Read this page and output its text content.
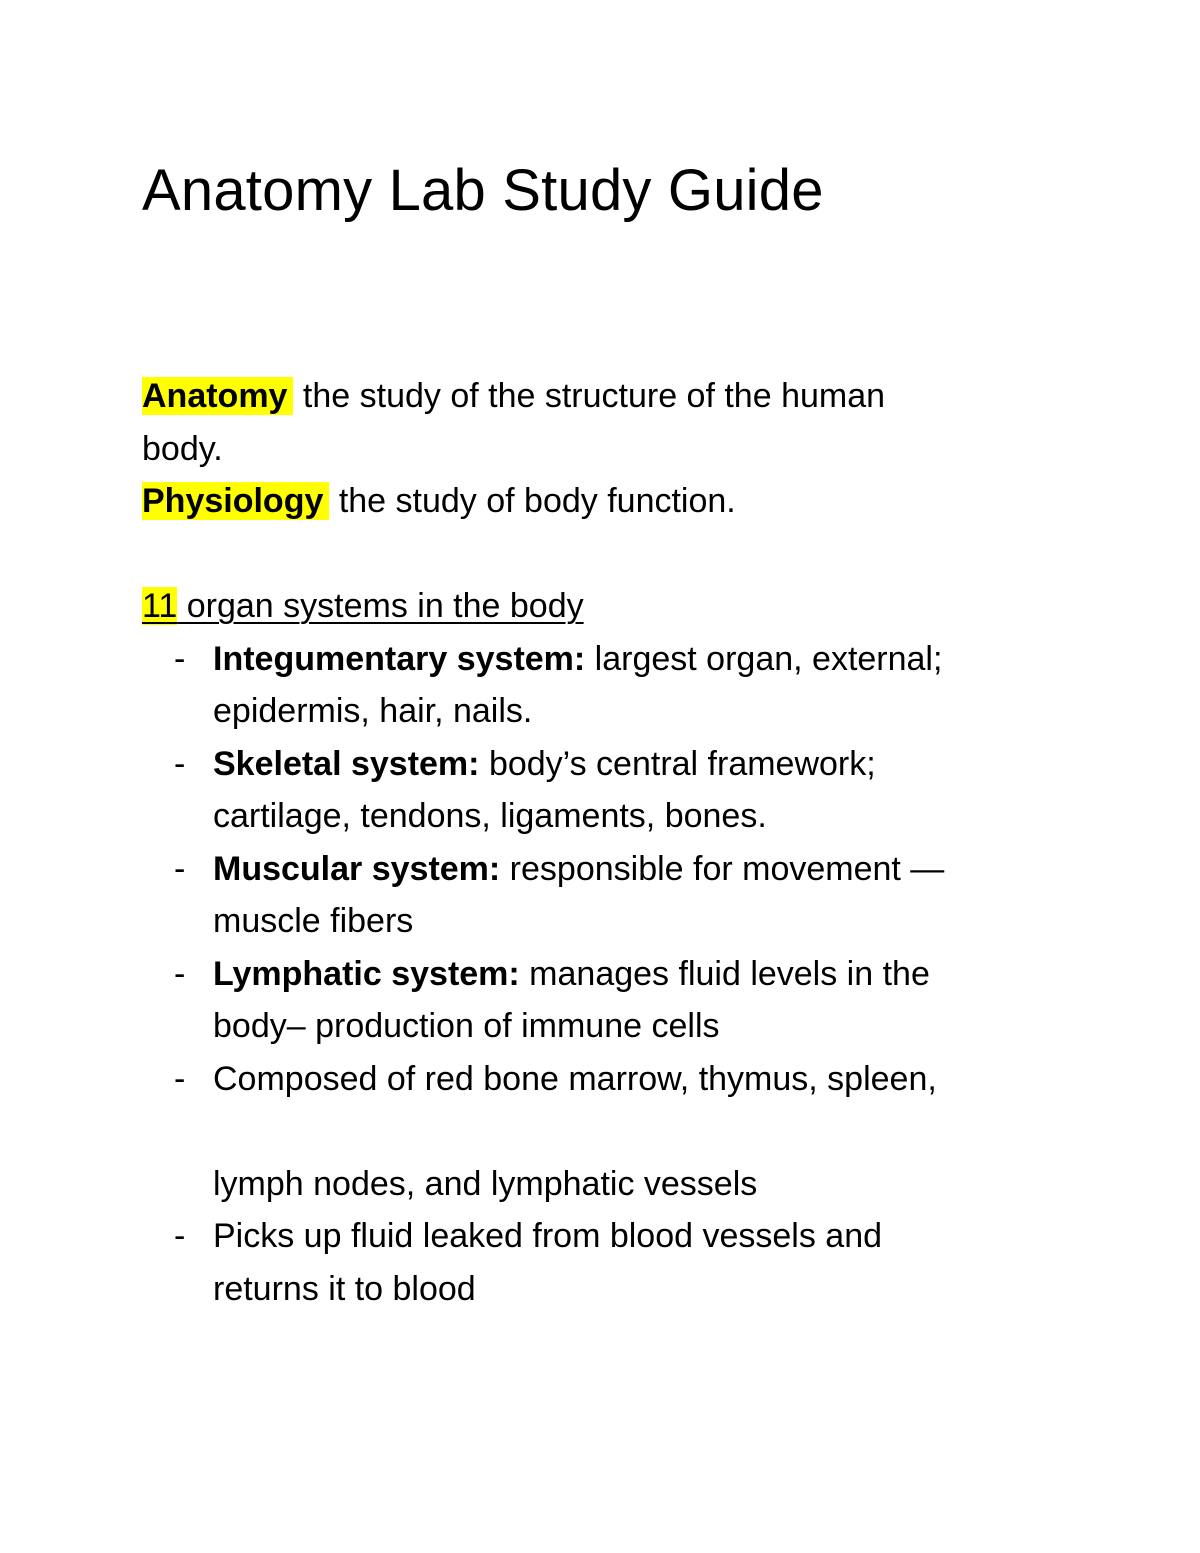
Anatomy Lab Study Guide
Anatomy the study of the structure of the human
body.
Physiology the study of body function.
11 organ systems in the body
- Integumentary system: largest organ, external;
epidermis, hair, nails.
- Skeletal system: body’s central framework;
cartilage, tendons, ligaments, bones.
- Muscular system: responsible for movement —
muscle fibers
- Lymphatic system: manages fluid levels in the
body– production of immune cells
- Composed of red bone marrow, thymus, spleen,
lymph nodes, and lymphatic vessels
- Picks up fluid leaked from blood vessels and
returns it to blood
